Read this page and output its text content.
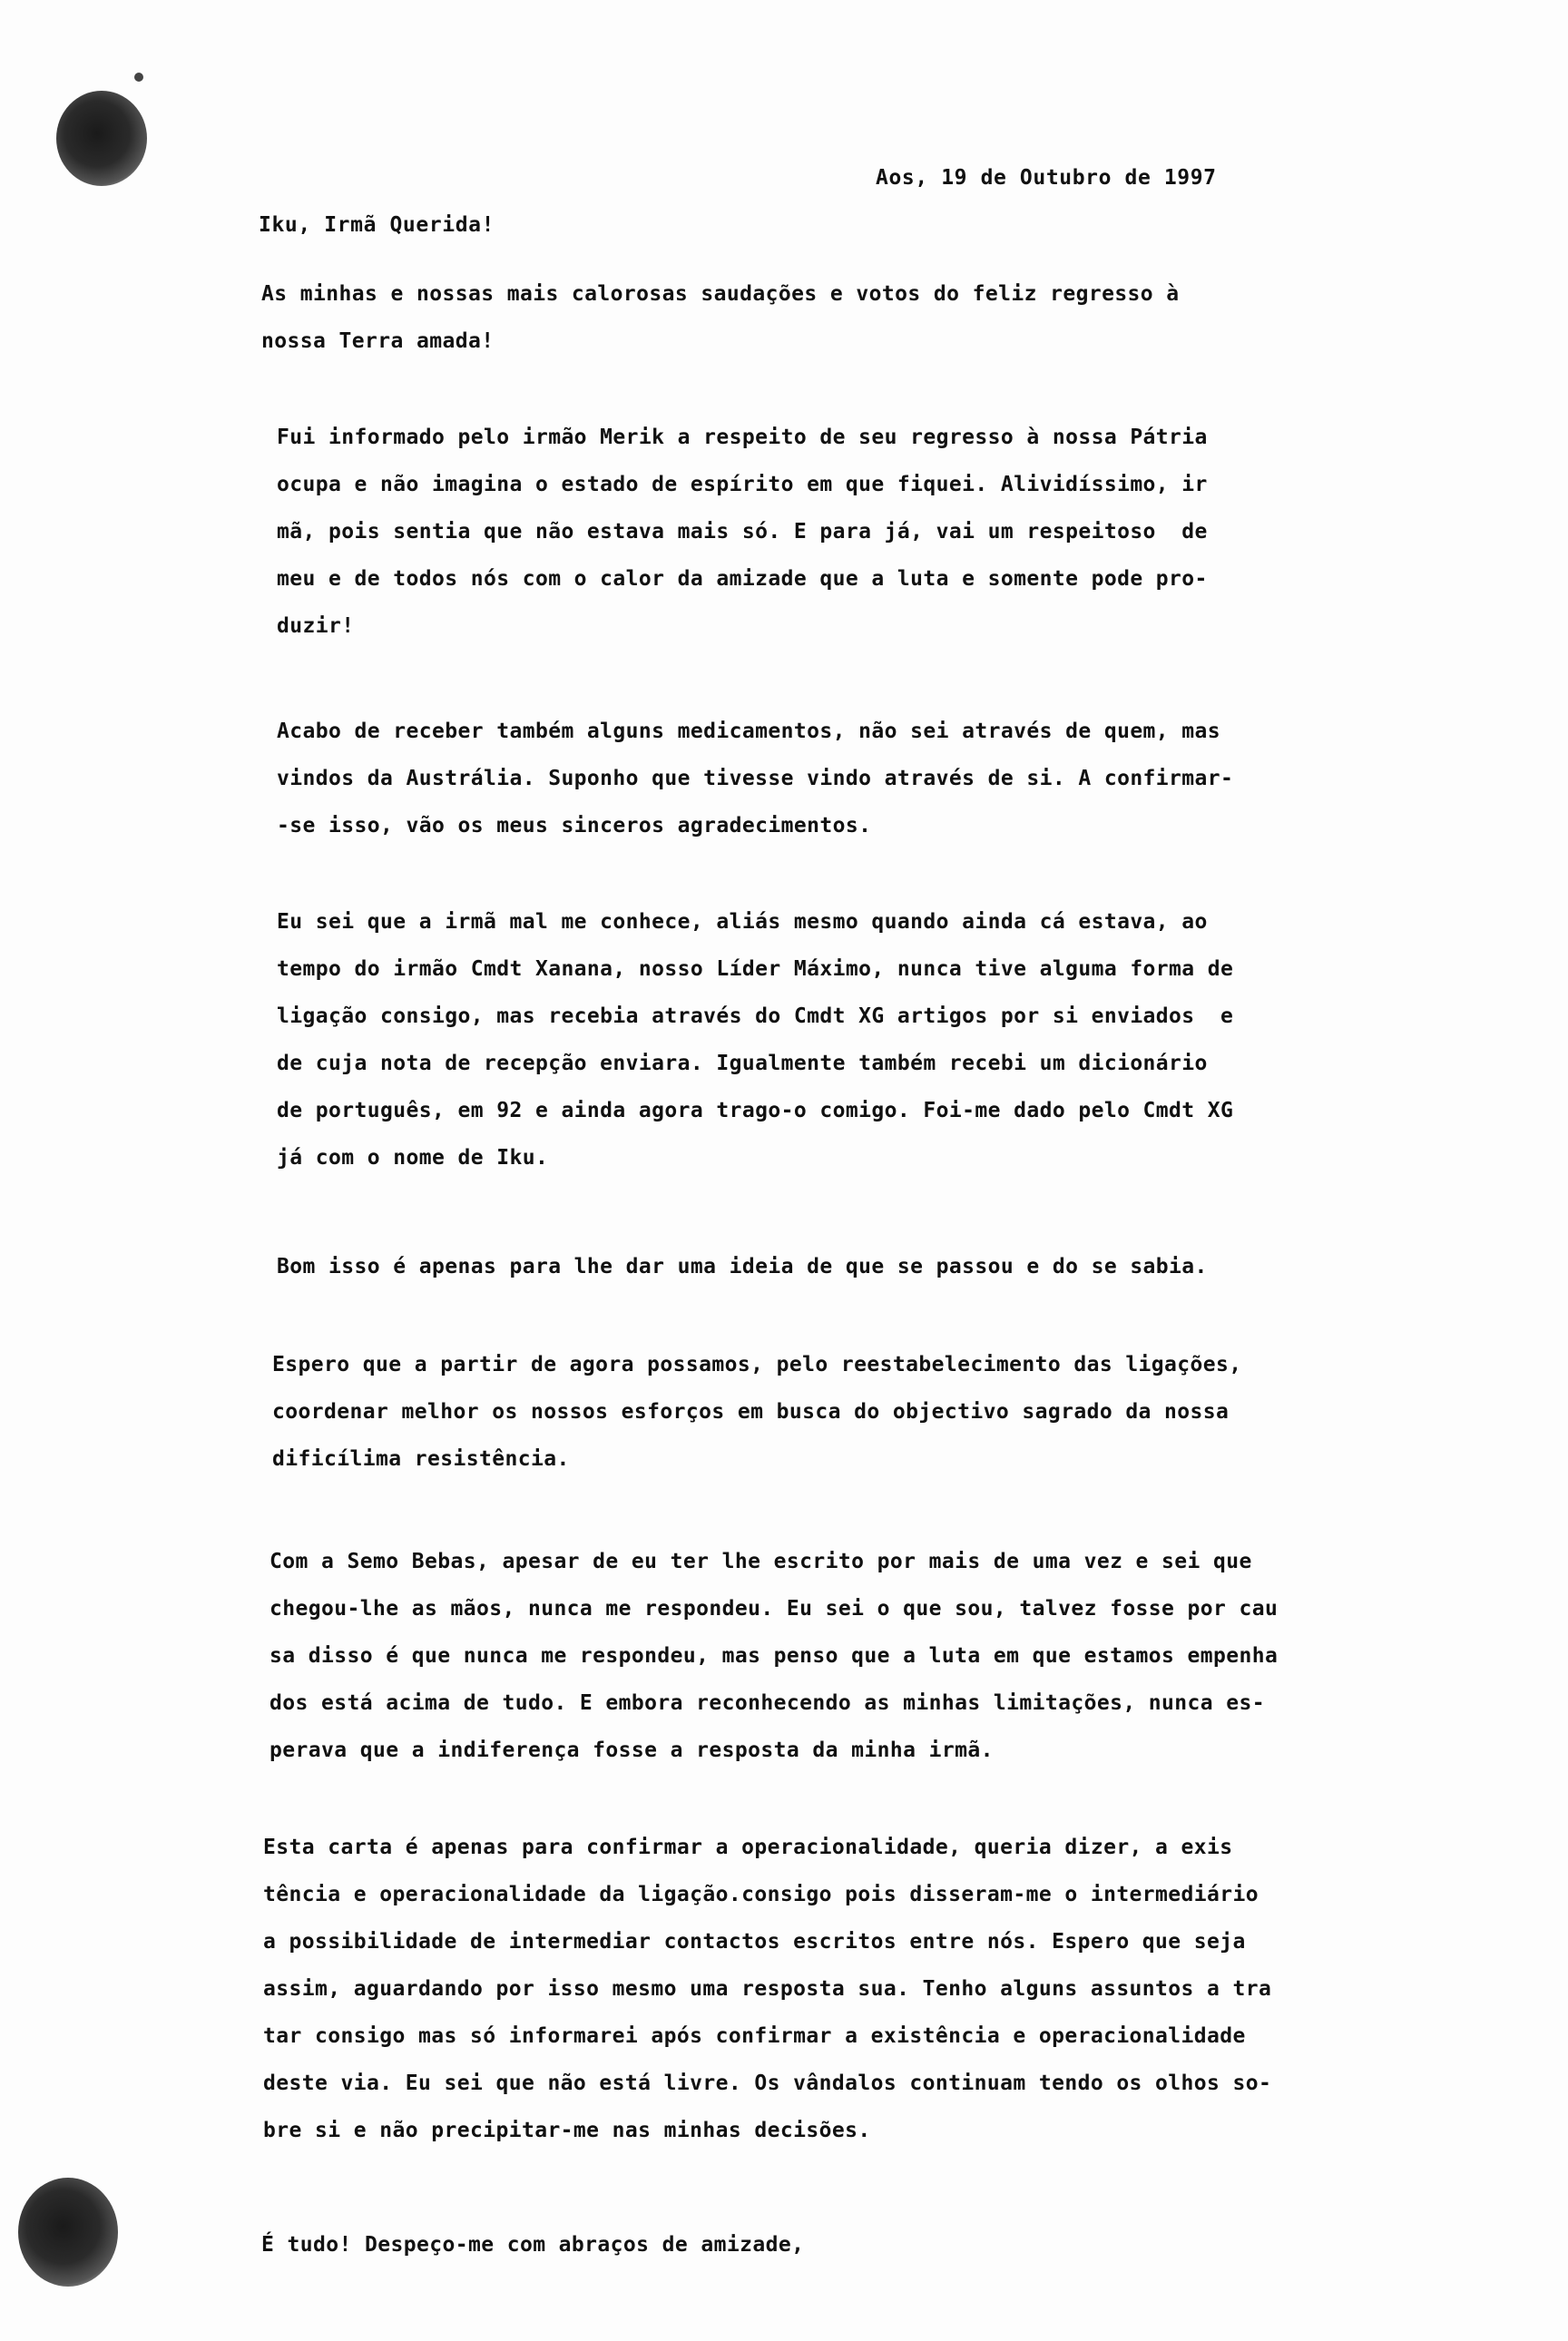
Aos, 19 de Outubro de 1997
Iku, Irmã Querida!

As minhas e nossas mais calorosas saudações e votos do feliz regresso à

nossa Terra amada!

Fui informado pelo irmão Merik a respeito de seu regresso à nossa Pátria

ocupa e não imagina o estado de espírito em que fiquei. Alividíssimo, ir

mã, pois sentia que não estava mais só. E para já, vai um respeitoso  de

meu e de todos nós com o calor da amizade que a luta e somente pode pro-

duzir!

Acabo de receber também alguns medicamentos, não sei através de quem, mas

vindos da Austrália. Suponho que tivesse vindo através de si. A confirmar-

-se isso, vão os meus sinceros agradecimentos.

Eu sei que a irmã mal me conhece, aliás mesmo quando ainda cá estava, ao

tempo do irmão Cmdt Xanana, nosso Líder Máximo, nunca tive alguma forma de

ligação consigo, mas recebia através do Cmdt XG artigos por si enviados  e

de cuja nota de recepção enviara. Igualmente também recebi um dicionário

de português, em 92 e ainda agora trago-o comigo. Foi-me dado pelo Cmdt XG

já com o nome de Iku.

Bom isso é apenas para lhe dar uma ideia de que se passou e do se sabia.

Espero que a partir de agora possamos, pelo reestabelecimento das ligações,

coordenar melhor os nossos esforços em busca do objectivo sagrado da nossa

dificílima resistência.

Com a Semo Bebas, apesar de eu ter lhe escrito por mais de uma vez e sei que

chegou-lhe as mãos, nunca me respondeu. Eu sei o que sou, talvez fosse por cau

sa disso é que nunca me respondeu, mas penso que a luta em que estamos empenha

dos está acima de tudo. E embora reconhecendo as minhas limitações, nunca es-

perava que a indiferença fosse a resposta da minha irmã.

Esta carta é apenas para confirmar a operacionalidade, queria dizer, a exis

tência e operacionalidade da ligação.consigo pois disseram-me o intermediário

a possibilidade de intermediar contactos escritos entre nós. Espero que seja

assim, aguardando por isso mesmo uma resposta sua. Tenho alguns assuntos a tra

tar consigo mas só informarei após confirmar a existência e operacionalidade

deste via. Eu sei que não está livre. Os vândalos continuam tendo os olhos so-

bre si e não precipitar-me nas minhas decisões.

É tudo! Despeço-me com abraços de amizade,
